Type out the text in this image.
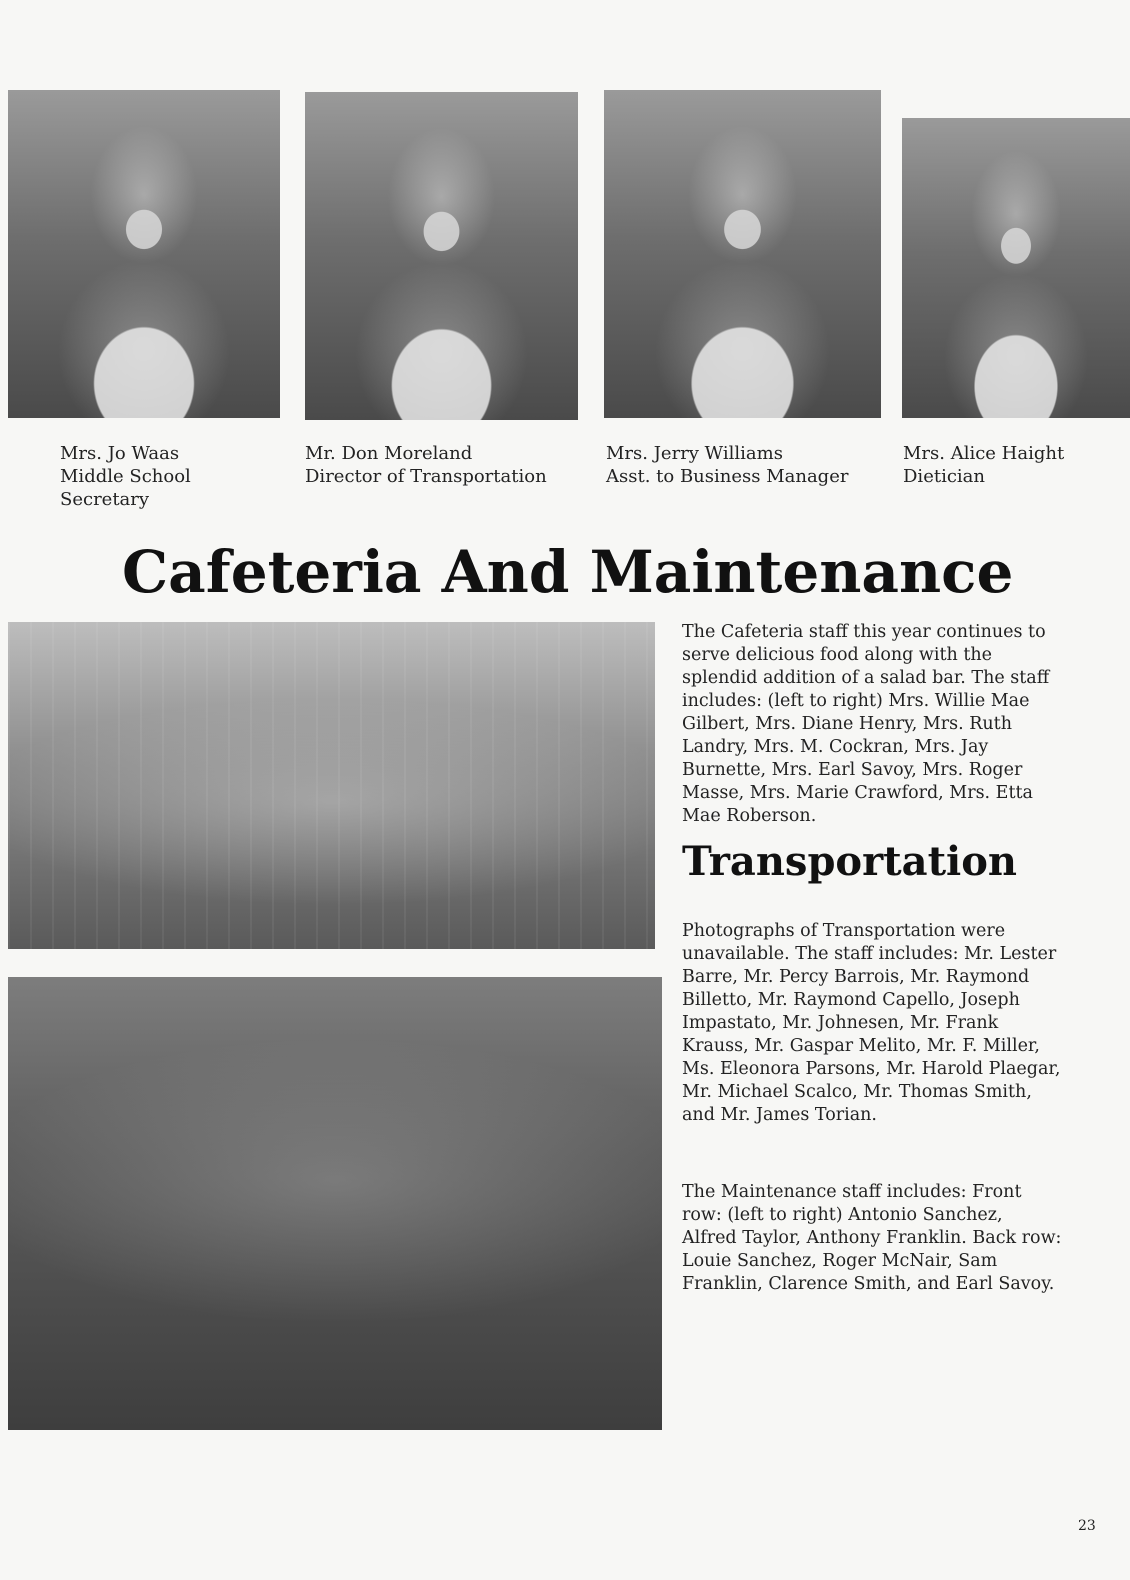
Mrs. Jo Waas
Middle School
Secretary
Mr. Don Moreland
Director of Transportation
Mrs. Jerry Williams
Asst. to Business Manager
Mrs. Alice Haight
Dietician
Cafeteria And Maintenance

The Cafeteria staff this year continues to serve delicious food along with the splendid addition of a salad bar. The staff includes: (left to right) Mrs. Willie Mae Gilbert, Mrs. Diane Henry, Mrs. Ruth Landry, Mrs. M. Cockran, Mrs. Jay Burnette, Mrs. Earl Savoy, Mrs. Roger Masse, Mrs. Marie Crawford, Mrs. Etta Mae Roberson.

Transportation

Photographs of Transportation were unavailable. The staff includes: Mr. Lester Barre, Mr. Percy Barrois, Mr. Raymond Billetto, Mr. Raymond Capello, Joseph Impastato, Mr. Johnesen, Mr. Frank Krauss, Mr. Gaspar Melito, Mr. F. Miller, Ms. Eleonora Parsons, Mr. Harold Plaegar, Mr. Michael Scalco, Mr. Thomas Smith, and Mr. James Torian.

The Maintenance staff includes: Front row: (left to right) Antonio Sanchez, Alfred Taylor, Anthony Franklin. Back row: Louie Sanchez, Roger McNair, Sam Franklin, Clarence Smith, and Earl Savoy.

23
